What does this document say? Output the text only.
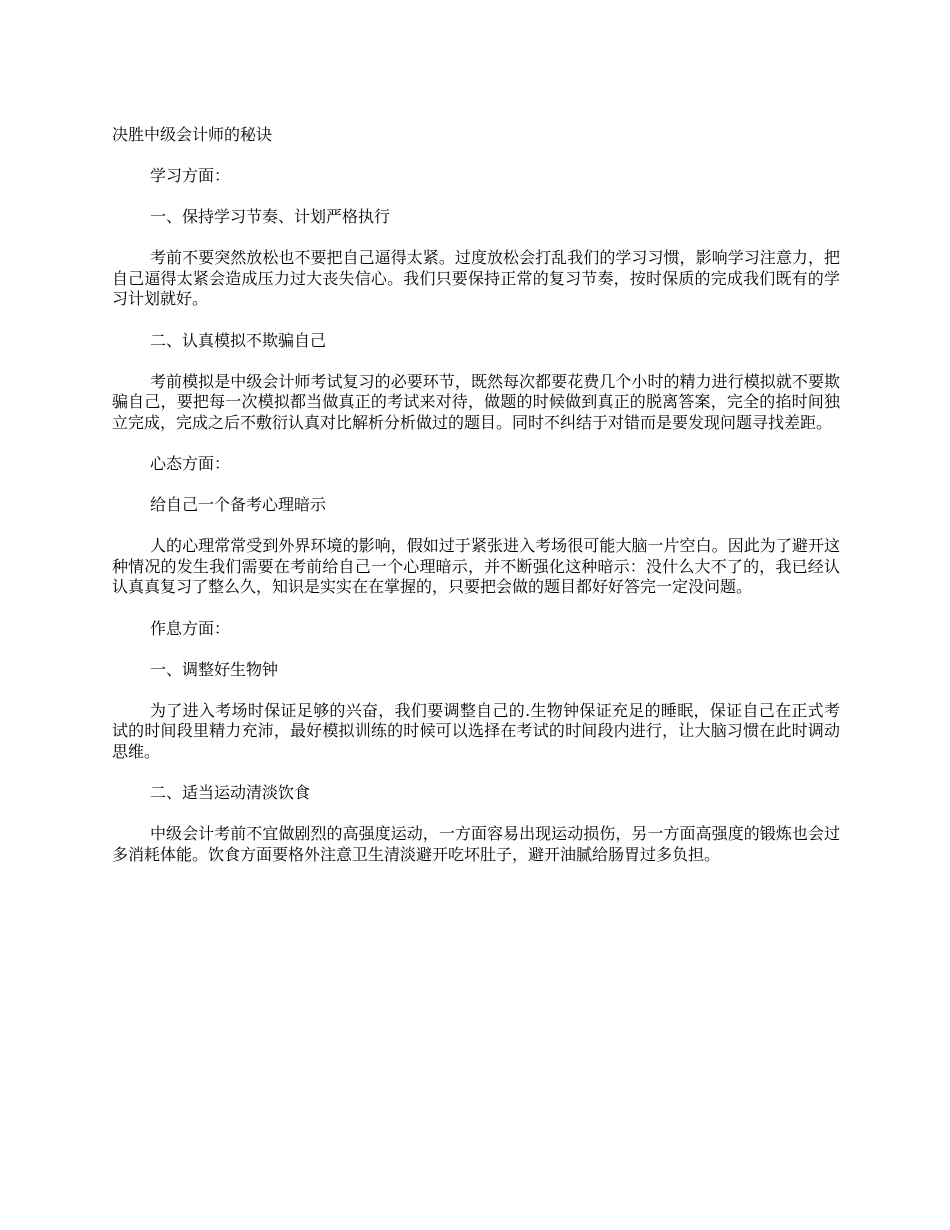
决胜中级会计师的秘诀

学习方面：

一、保持学习节奏、计划严格执行

考前不要突然放松也不要把自己逼得太紧。过度放松会打乱我们的学习习惯，影响学习注意力，把自己逼得太紧会造成压力过大丧失信心。我们只要保持正常的复习节奏，按时保质的完成我们既有的学习计划就好。

二、认真模拟不欺骗自己

考前模拟是中级会计师考试复习的必要环节，既然每次都要花费几个小时的精力进行模拟就不要欺骗自己，要把每一次模拟都当做真正的考试来对待，做题的时候做到真正的脱离答案，完全的掐时间独立完成，完成之后不敷衍认真对比解析分析做过的题目。同时不纠结于对错而是要发现问题寻找差距。

心态方面：

给自己一个备考心理暗示

人的心理常常受到外界环境的影响，假如过于紧张进入考场很可能大脑一片空白。因此为了避开这种情况的发生我们需要在考前给自己一个心理暗示，并不断强化这种暗示：没什么大不了的，我已经认认真真复习了整么久，知识是实实在在掌握的，只要把会做的题目都好好答完一定没问题。

作息方面：

一、调整好生物钟

为了进入考场时保证足够的兴奋，我们要调整自己的.生物钟保证充足的睡眠，保证自己在正式考试的时间段里精力充沛，最好模拟训练的时候可以选择在考试的时间段内进行，让大脑习惯在此时调动思维。

二、适当运动清淡饮食

中级会计考前不宜做剧烈的高强度运动，一方面容易出现运动损伤，另一方面高强度的锻炼也会过多消耗体能。饮食方面要格外注意卫生清淡避开吃坏肚子，避开油腻给肠胃过多负担。
